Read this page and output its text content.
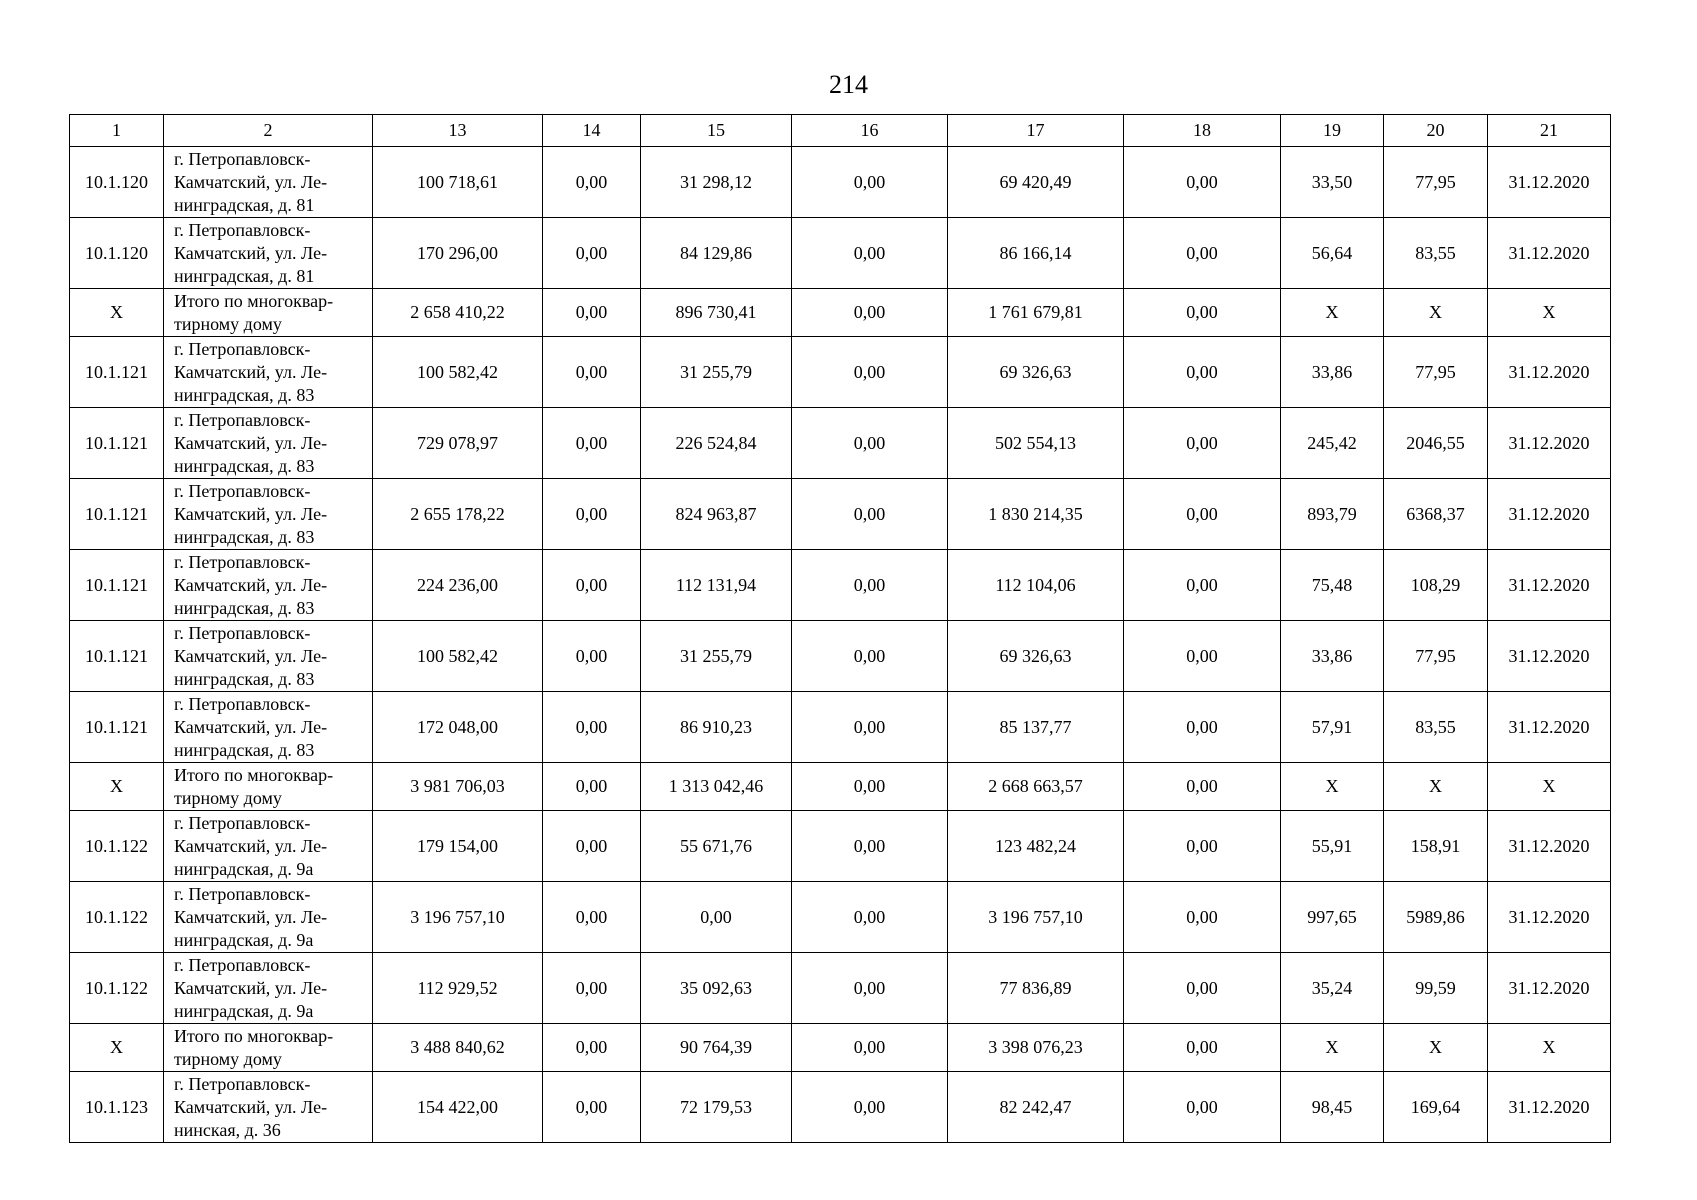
214
1	2	13	14	15	16	17	18	19	20	21
10.1.120	г. Петропавловск-
Камчатский, ул. Ле-
нинградская, д. 81	100 718,61	0,00	31 298,12	0,00	69 420,49	0,00	33,50	77,95	31.12.2020
10.1.120	г. Петропавловск-
Камчатский, ул. Ле-
нинградская, д. 81	170 296,00	0,00	84 129,86	0,00	86 166,14	0,00	56,64	83,55	31.12.2020
X	Итого по многоквар-
тирному дому	2 658 410,22	0,00	896 730,41	0,00	1 761 679,81	0,00	X	X	X
10.1.121	г. Петропавловск-
Камчатский, ул. Ле-
нинградская, д. 83	100 582,42	0,00	31 255,79	0,00	69 326,63	0,00	33,86	77,95	31.12.2020
10.1.121	г. Петропавловск-
Камчатский, ул. Ле-
нинградская, д. 83	729 078,97	0,00	226 524,84	0,00	502 554,13	0,00	245,42	2046,55	31.12.2020
10.1.121	г. Петропавловск-
Камчатский, ул. Ле-
нинградская, д. 83	2 655 178,22	0,00	824 963,87	0,00	1 830 214,35	0,00	893,79	6368,37	31.12.2020
10.1.121	г. Петропавловск-
Камчатский, ул. Ле-
нинградская, д. 83	224 236,00	0,00	112 131,94	0,00	112 104,06	0,00	75,48	108,29	31.12.2020
10.1.121	г. Петропавловск-
Камчатский, ул. Ле-
нинградская, д. 83	100 582,42	0,00	31 255,79	0,00	69 326,63	0,00	33,86	77,95	31.12.2020
10.1.121	г. Петропавловск-
Камчатский, ул. Ле-
нинградская, д. 83	172 048,00	0,00	86 910,23	0,00	85 137,77	0,00	57,91	83,55	31.12.2020
X	Итого по многоквар-
тирному дому	3 981 706,03	0,00	1 313 042,46	0,00	2 668 663,57	0,00	X	X	X
10.1.122	г. Петропавловск-
Камчатский, ул. Ле-
нинградская, д. 9а	179 154,00	0,00	55 671,76	0,00	123 482,24	0,00	55,91	158,91	31.12.2020
10.1.122	г. Петропавловск-
Камчатский, ул. Ле-
нинградская, д. 9а	3 196 757,10	0,00	0,00	0,00	3 196 757,10	0,00	997,65	5989,86	31.12.2020
10.1.122	г. Петропавловск-
Камчатский, ул. Ле-
нинградская, д. 9а	112 929,52	0,00	35 092,63	0,00	77 836,89	0,00	35,24	99,59	31.12.2020
X	Итого по многоквар-
тирному дому	3 488 840,62	0,00	90 764,39	0,00	3 398 076,23	0,00	X	X	X
10.1.123	г. Петропавловск-
Камчатский, ул. Ле-
нинская, д. 36	154 422,00	0,00	72 179,53	0,00	82 242,47	0,00	98,45	169,64	31.12.2020
